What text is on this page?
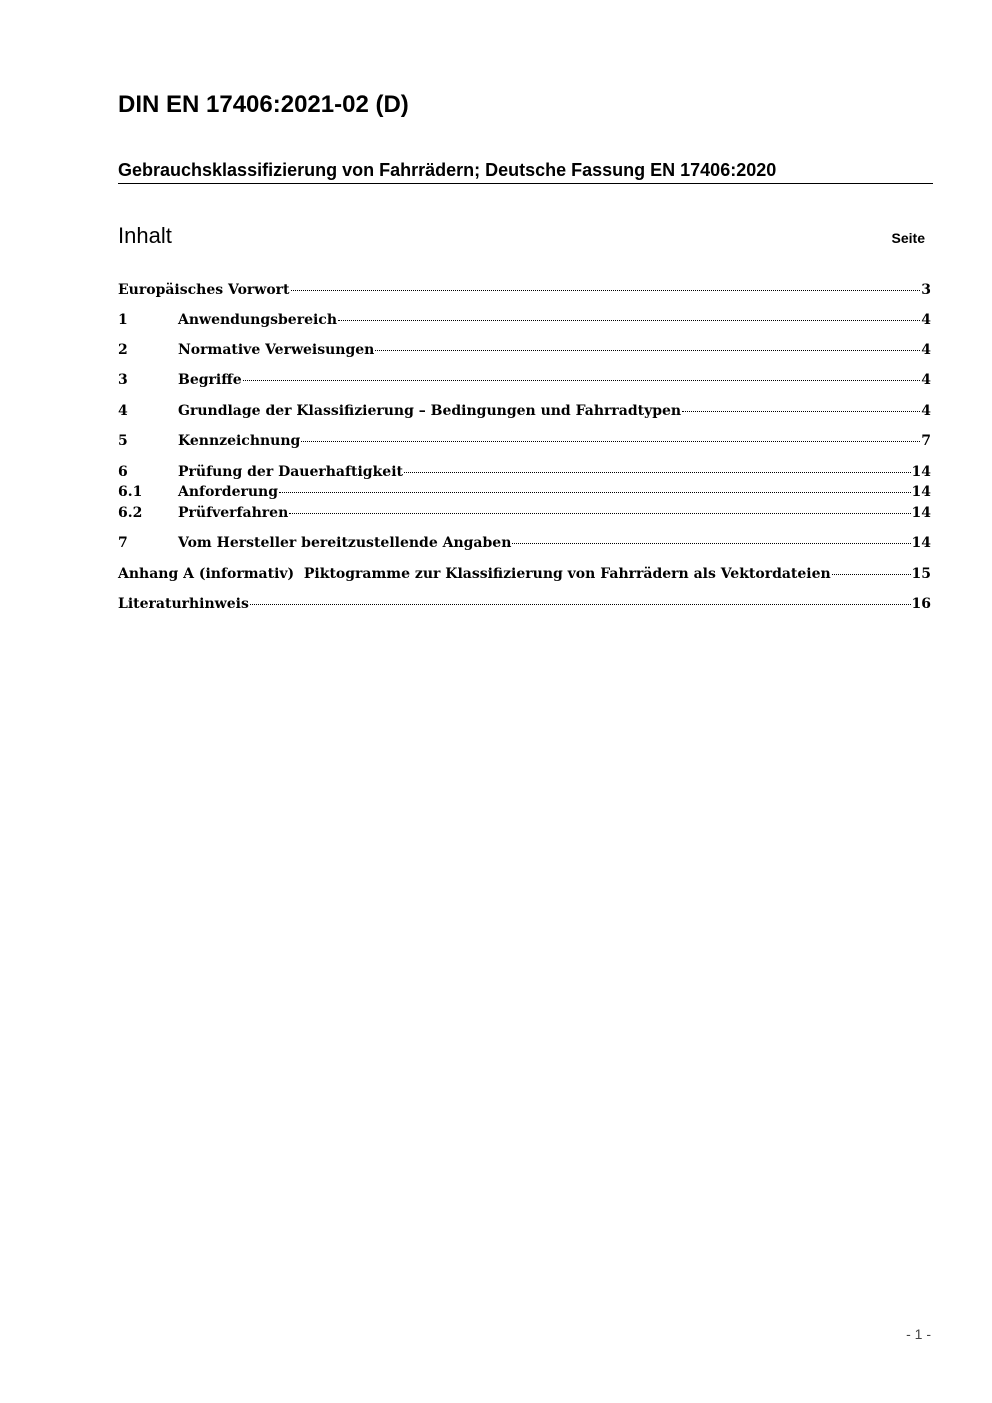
DIN EN 17406:2021-02 (D)
Gebrauchsklassifizierung von Fahrrädern; Deutsche Fassung EN 17406:2020
Inhalt	Seite
Europäisches Vorwort	3
1	Anwendungsbereich	4
2	Normative Verweisungen	4
3	Begriffe	4
4	Grundlage der Klassifizierung – Bedingungen und Fahrradtypen	4
5	Kennzeichnung	7
6	Prüfung der Dauerhaftigkeit	14
6.1	Anforderung	14
6.2	Prüfverfahren	14
7	Vom Hersteller bereitzustellende Angaben	14
Anhang A (informativ)  Piktogramme zur Klassifizierung von Fahrrädern als Vektordateien	15
Literaturhinweis	16
- 1 -
